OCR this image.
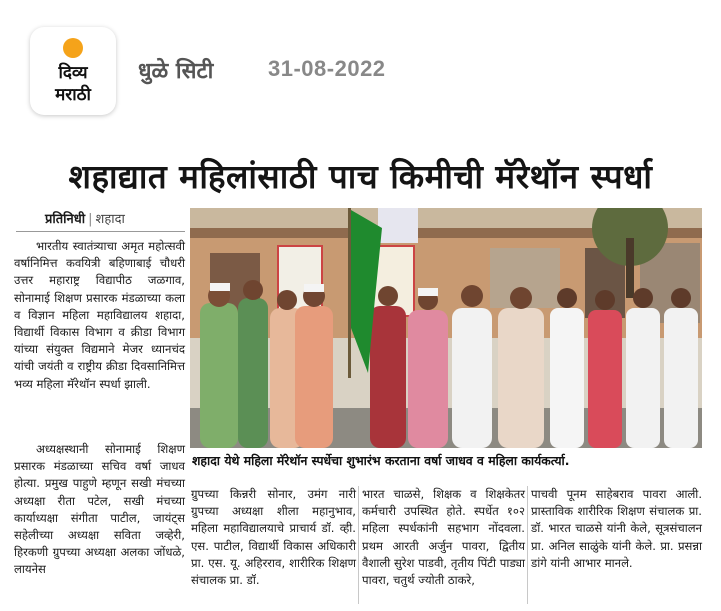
दिव्य
मराठी
धुळे सिटी 31-08-2022
शहाद्यात महिलांसाठी पाच किमीची मॅरेथॉन स्पर्धा
प्रतिनिधी | शहादा

भारतीय स्वातंत्र्याचा अमृत महोत्सवी वर्षानिमित्त कवयित्री बहिणाबाई चौधरी उत्तर महाराष्ट्र विद्यापीठ जळगाव, सोनामाई शिक्षण प्रसारक मंडळाच्या कला व विज्ञान महिला महाविद्यालय शहादा, विद्यार्थी विकास विभाग व क्रीडा विभाग यांच्या संयुक्त विद्यमाने मेजर ध्यानचंद यांची जयंती व राष्ट्रीय क्रीडा दिवसानिमित्त भव्य महिला मॅरेथॉन स्पर्धा झाली.

अध्यक्षस्थानी सोनामाई शिक्षण प्रसारक मंडळाच्या सचिव वर्षा जाधव होत्या. प्रमुख पाहुणे म्हणून सखी मंचच्या अध्यक्षा रीता पटेल, सखी मंचच्या कार्याध्यक्षा संगीता पाटील, जायंट्स सहेलीच्या अध्यक्षा सविता जव्हेरी, हिरकणी ग्रुपच्या अध्यक्षा अलका जोंधळे, लायनेस

शहादा येथे महिला मॅरेथॉन स्पर्धेचा शुभारंभ करताना वर्षा जाधव व महिला कार्यकर्त्या.

ग्रुपच्या किन्नरी सोनार, उमंग नारी ग्रुपच्या अध्यक्षा शीला महानुभाव, महिला महाविद्यालयाचे प्राचार्य डॉ. व्ही. एस. पाटील, विद्यार्थी विकास अधिकारी प्रा. एस. यू. अहिरराव, शारीरिक शिक्षण संचालक प्रा. डॉ.

भारत चाळसे, शिक्षक व शिक्षकेतर कर्मचारी उपस्थित होते. स्पर्धेत १०२ महिला स्पर्धकांनी सहभाग नोंदवला. प्रथम आरती अर्जुन पावरा, द्वितीय वैशाली सुरेश पाडवी, तृतीय पिंटी पाड्या पावरा, चतुर्थ ज्योती ठाकरे,

पाचवी पूनम साहेबराव पावरा आली. प्रास्ताविक शारीरिक शिक्षण संचालक प्रा. डॉ. भारत चाळसे यांनी केले, सूत्रसंचालन प्रा. अनिल साळुंके यांनी केले. प्रा. प्रसन्ना डांगे यांनी आभार मानले.
